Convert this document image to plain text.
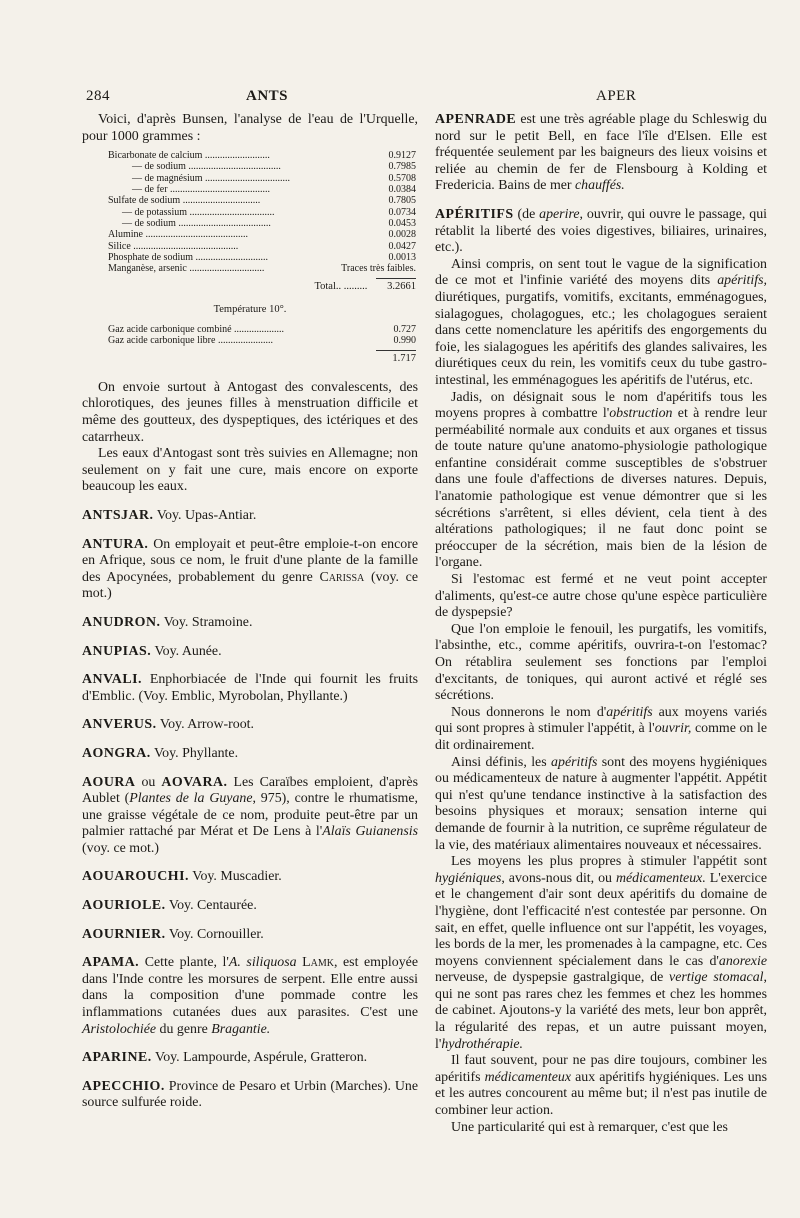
284	ANTS	APER

Voici, d'après Bunsen, l'analyse de l'eau de l'Urquelle, pour 1000 grammes :

Bicarbonate de calcium ..........................	0.9127
— de sodium .....................................	0.7985
— de magnésium ..................................	0.5708
— de fer ........................................	0.0384
Sulfate de sodium ...............................	0.7805
— de potassium ..................................	0.0734
— de sodium .....................................	0.0453
Alumine .........................................	0.0028
Silice ..........................................	0.0427
Phosphate de sodium .............................	0.0013
Manganèse, arsenic ..............................	Traces très faibles.
Total.. ......... 3.2661
Température 10°.
Gaz acide carbonique combiné ....................	0.727
Gaz acide carbonique libre ......................	0.990
1.717

On envoie surtout à Antogast des convalescents, des chlorotiques, des jeunes filles à menstruation difficile et même des goutteux, des dyspeptiques, des ictériques et des catarrheux.

Les eaux d'Antogast sont très suivies en Allemagne; non seulement on y fait une cure, mais encore on exporte beaucoup les eaux.

ANTSJAR. Voy. Upas-Antiar.

ANTURA. On employait et peut-être emploie-t-on encore en Afrique, sous ce nom, le fruit d'une plante de la famille des Apocynées, probablement du genre Carissa (voy. ce mot.)

ANUDRON. Voy. Stramoine.

ANUPIAS. Voy. Aunée.

ANVALI. Enphorbiacée de l'Inde qui fournit les fruits d'Emblic. (Voy. Emblic, Myrobolan, Phyllante.)

ANVERUS. Voy. Arrow-root.

AONGRA. Voy. Phyllante.

AOURA ou AOVARA. Les Caraïbes emploient, d'après Aublet (Plantes de la Guyane, 975), contre le rhumatisme, une graisse végétale de ce nom, produite peut-être par un palmier rattaché par Mérat et De Lens à l'Alaïs Guianensis (voy. ce mot.)

AOUAROUCHI. Voy. Muscadier.

AOURIOLE. Voy. Centaurée.

AOURNIER. Voy. Cornouiller.

APAMA. Cette plante, l'A. siliquosa Lamk, est employée dans l'Inde contre les morsures de serpent. Elle entre aussi dans la composition d'une pommade contre les inflammations cutanées dues aux parasites. C'est une Aristolochiée du genre Bragantie.

APARINE. Voy. Lampourde, Aspérule, Gratteron.

APECCHIO. Province de Pesaro et Urbin (Marches). Une source sulfurée roide.

APENRADE est une très agréable plage du Schleswig du nord sur le petit Bell, en face l'île d'Elsen. Elle est fréquentée seulement par les baigneurs des lieux voisins et reliée au chemin de fer de Flensbourg à Kolding et Fredericia. Bains de mer chauffés.

APÉRITIFS (de aperire, ouvrir, qui ouvre le passage, qui rétablit la liberté des voies digestives, biliaires, urinaires, etc.).

Ainsi compris, on sent tout le vague de la signification de ce mot et l'infinie variété des moyens dits apéritifs, diurétiques, purgatifs, vomitifs, excitants, emménagogues, sialagogues, cholagogues, etc.; les cholagogues seraient dans cette nomenclature les apéritifs des engorgements du foie, les sialagogues les apéritifs des glandes salivaires, les diurétiques ceux du rein, les vomitifs ceux du tube gastro-intestinal, les emménagogues les apéritifs de l'utérus, etc.

Jadis, on désignait sous le nom d'apéritifs tous les moyens propres à combattre l'obstruction et à rendre leur perméabilité normale aux conduits et aux organes et tissus de toute nature qu'une anatomo-physiologie pathologique enfantine considérait comme susceptibles de s'obstruer dans une foule d'affections de diverses natures. Depuis, l'anatomie pathologique est venue démontrer que si les sécrétions s'arrêtent, si elles dévient, cela tient à des altérations pathologiques; il ne faut donc point se préoccuper de la sécrétion, mais bien de la lésion de l'organe.

Si l'estomac est fermé et ne veut point accepter d'aliments, qu'est-ce autre chose qu'une espèce particulière de dyspepsie?

Que l'on emploie le fenouil, les purgatifs, les vomitifs, l'absinthe, etc., comme apéritifs, ouvrira-t-on l'estomac? On rétablira seulement ses fonctions par l'emploi d'excitants, de toniques, qui auront activé et réglé ses sécrétions.

Nous donnerons le nom d'apéritifs aux moyens variés qui sont propres à stimuler l'appétit, à l'ouvrir, comme on le dit ordinairement.

Ainsi définis, les apéritifs sont des moyens hygiéniques ou médicamenteux de nature à augmenter l'appétit. Appétit qui n'est qu'une tendance instinctive à la satisfaction des besoins physiques et moraux; sensation interne qui demande de fournir à la nutrition, ce suprême régulateur de la vie, des matériaux alimentaires nouveaux et nécessaires.

Les moyens les plus propres à stimuler l'appétit sont hygiéniques, avons-nous dit, ou médicamenteux. L'exercice et le changement d'air sont deux apéritifs du domaine de l'hygiène, dont l'efficacité n'est contestée par personne. On sait, en effet, quelle influence ont sur l'appétit, les voyages, les bords de la mer, les promenades à la campagne, etc. Ces moyens conviennent spécialement dans le cas d'anorexie nerveuse, de dyspepsie gastralgique, de vertige stomacal, qui ne sont pas rares chez les femmes et chez les hommes de cabinet. Ajoutons-y la variété des mets, leur bon apprêt, la régularité des repas, et un autre puissant moyen, l'hydrothérapie.

Il faut souvent, pour ne pas dire toujours, combiner les apéritifs médicamenteux aux apéritifs hygiéniques. Les uns et les autres concourent au même but; il n'est pas inutile de combiner leur action.

Une particularité qui est à remarquer, c'est que les
